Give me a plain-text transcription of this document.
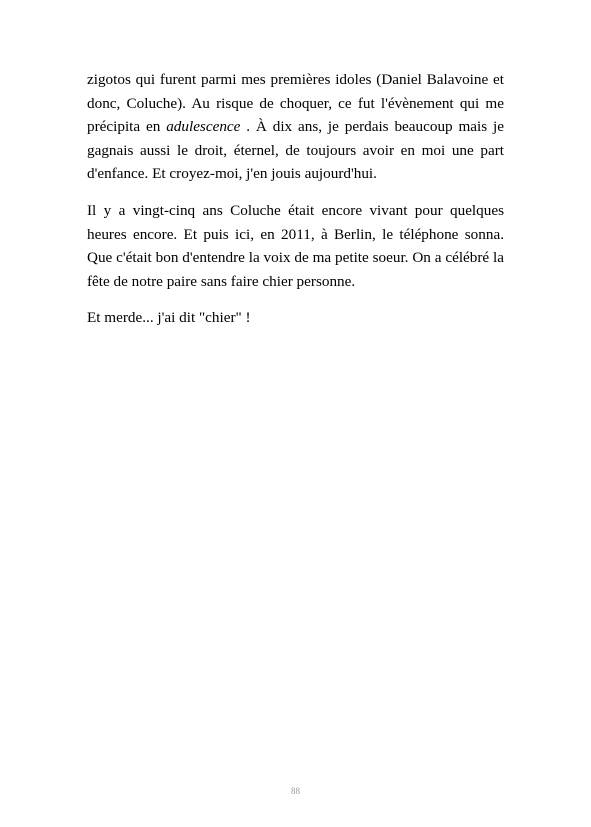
zigotos qui furent parmi mes premières idoles (Daniel Balavoine et donc, Coluche). Au risque de choquer, ce fut l'évènement qui me précipita en adulescence . À dix ans, je perdais beaucoup mais je gagnais aussi le droit, éternel, de toujours avoir en moi une part d'enfance. Et croyez-moi, j'en jouis aujourd'hui.

Il y a vingt-cinq ans Coluche était encore vivant pour quelques heures encore. Et puis ici, en 2011, à Berlin, le téléphone sonna. Que c'était bon d'entendre la voix de ma petite soeur. On a célébré la fête de notre paire sans faire chier personne.

Et merde... j'ai dit "chier" !

88
